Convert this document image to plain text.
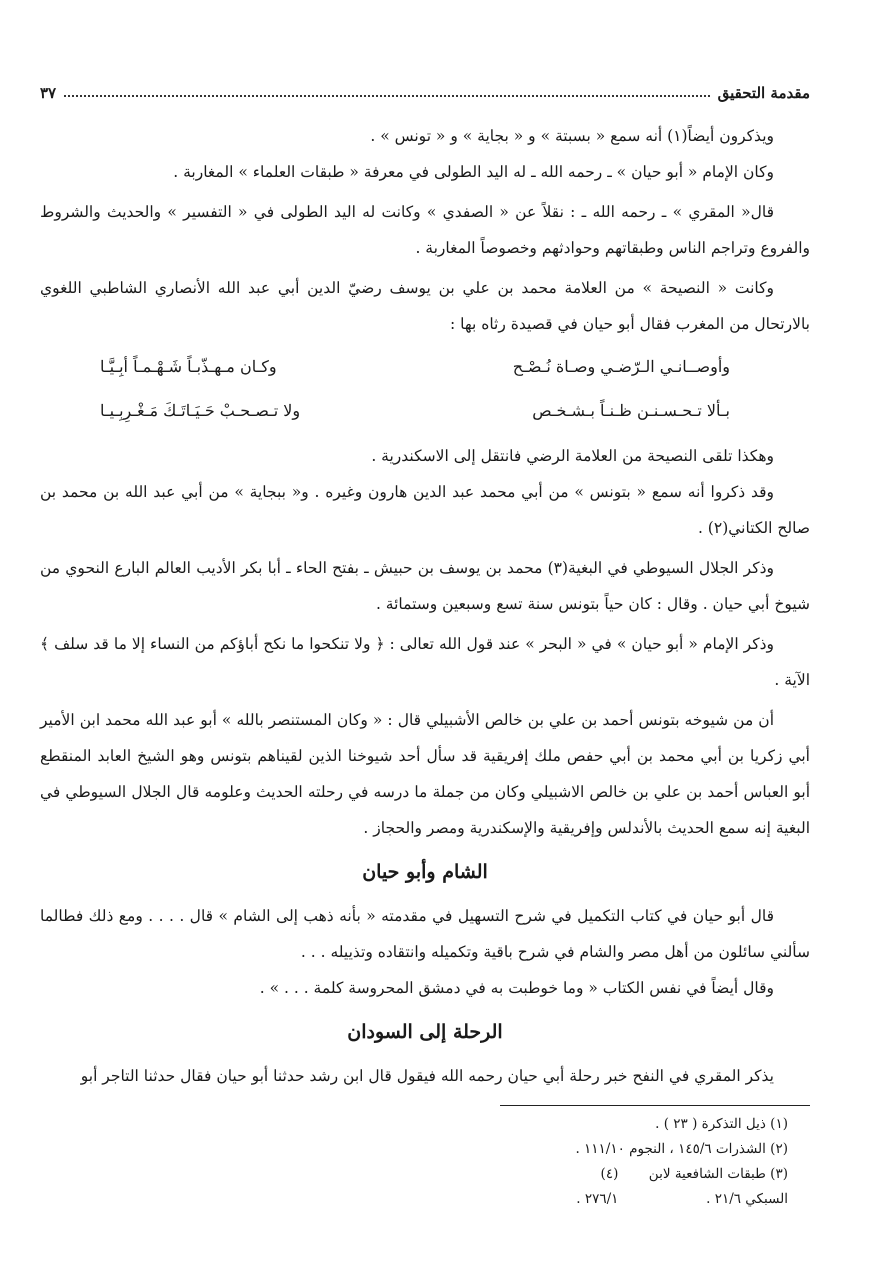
مقدمة التحقيق
٣٧

ويذكرون أيضاً(١) أنه سمع « بسبتة » و « بجاية » و « تونس » .

وكان الإمام « أبو حيان » ـ رحمه الله ـ له اليد الطولى في معرفة « طبقات العلماء » المغاربة .

قال« المقري » ـ رحمه الله ـ : نقلاً عن « الصفدي » وكانت له اليد الطولى في « التفسير » والحديث والشروط والفروع وتراجم الناس وطبقاتهم وحوادثهم وخصوصاً المغاربة .

وكانت « النصيحة » من العلامة محمد بن علي بن يوسف رضيّ الدين أبي عبد الله الأنصاري الشاطبي اللغوي بالارتحال من المغرب فقال أبو حيان في قصيدة رثاه بها :

وأوصــانـي الـرّضـي وصـاة نُـصْـح
وكـان مـهـذّبـاً شَـهْـمـاً أبِـيَّـا
بـألا تـحـسـنـن ظـنـاً بـشـخـص
ولا تـصـحـبْ حَـيَـاتَـكَ مَـغْـرِبِـيـا

وهكذا تلقى النصيحة من العلامة الرضي فانتقل إلى الاسكندرية .

وقد ذكروا أنه سمع « بتونس » من أبي محمد عبد الدين هارون وغيره . و« ببجاية » من أبي عبد الله بن محمد بن صالح الكتاني(٢) .

وذكر الجلال السيوطي في البغية(٣) محمد بن يوسف بن حبيش ـ بفتح الحاء ـ أبا بكر الأديب العالم البارع النحوي من شيوخ أبي حيان . وقال : كان حياً بتونس سنة تسع وسبعين وستمائة .

وذكر الإمام « أبو حيان » في « البحر » عند قول الله تعالى : ﴿ ولا تنكحوا ما نكح أباؤكم من النساء إلا ما قد سلف ﴾ الآية .

أن من شيوخه بتونس أحمد بن علي بن خالص الأشبيلي قال : « وكان المستنصر بالله » أبو عبد الله محمد ابن الأمير أبي زكريا بن أبي محمد بن أبي حفص ملك إفريقية قد سأل أحد شيوخنا الذين لقيناهم بتونس وهو الشيخ العابد المنقطع أبو العباس أحمد بن علي بن خالص الاشبيلي وكان من جملة ما درسه في رحلته الحديث وعلومه قال الجلال السيوطي في البغية إنه سمع الحديث بالأندلس وإفريقية والإسكندرية ومصر والحجاز .

الشام وأبو حيان

قال أبو حيان في كتاب التكميل في شرح التسهيل في مقدمته « بأنه ذهب إلى الشام » قال . . . . ومع ذلك فطالما سألني سائلون من أهل مصر والشام في شرح باقية وتكميله وانتقاده وتذييله . . .

وقال أيضاً في نفس الكتاب « وما خوطبت به في دمشق المحروسة كلمة . . . » .

الرحلة إلى السودان

يذكر المقري في النفح خبر رحلة أبي حيان رحمه الله فيقول قال ابن رشد حدثنا أبو حيان فقال حدثنا التاجر أبو

(١) ذيل التذكرة ( ٢٣ ) .

(٢) الشذرات ١٤٥/٦ ، النجوم ١١١/١٠ .

(٣) طبقات الشافعية لابن السبكي ٢١/٦ .
(٤) ٢٧٦/١ .
